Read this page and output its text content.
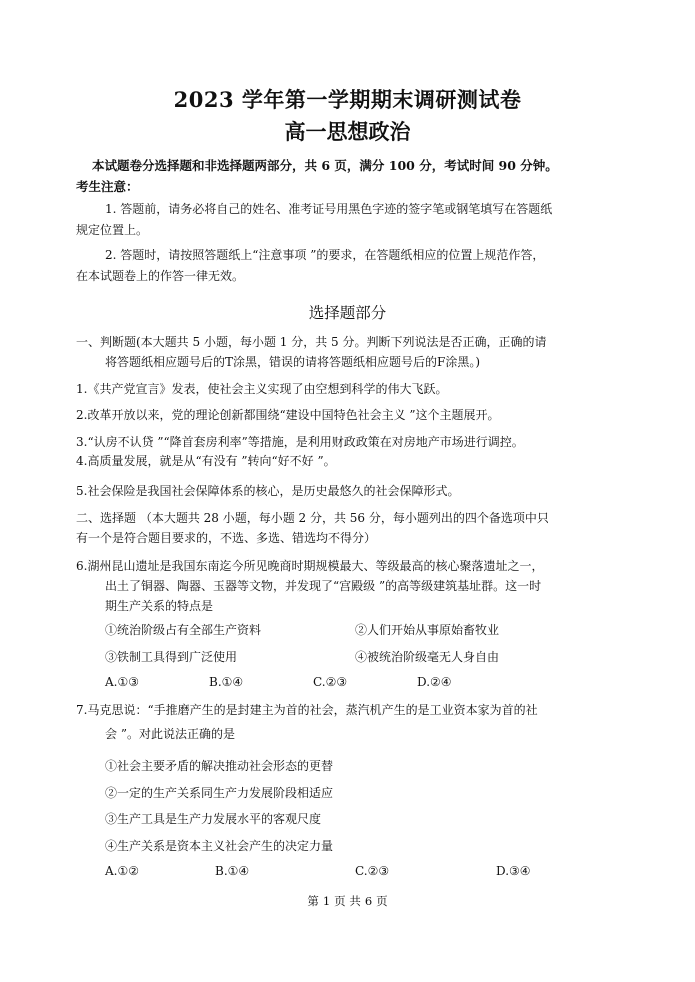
2023 学年第一学期期末调研测试卷
高一思想政治
本试题卷分选择题和非选择题两部分，共 6 页，满分 100 分，考试时间 90 分钟。
考生注意：
1. 答题前，请务必将自己的姓名、准考证号用黑色字迹的签字笔或钢笔填写在答题纸
规定位置上。
2. 答题时，请按照答题纸上“注意事项 ”的要求，在答题纸相应的位置上规范作答，
在本试题卷上的作答一律无效。
选择题部分
一、判断题(本大题共 5 小题，每小题 1 分，共 5 分。判断下列说法是否正确，正确的请
将答题纸相应题号后的T涂黑，错误的请将答题纸相应题号后的F涂黑。)
1.《共产党宣言》发表，使社会主义实现了由空想到科学的伟大飞跃。
2.改革开放以来，党的理论创新都围绕“建设中国特色社会主义 ”这个主题展开。
3.“认房不认贷 ”“降首套房利率”等措施，是利用财政政策在对房地产市场进行调控。
4.高质量发展，就是从“有没有 ”转向“好不好 ”。
5.社会保险是我国社会保障体系的核心，是历史最悠久的社会保障形式。
二、选择题 （本大题共 28 小题，每小题 2 分，共 56 分，每小题列出的四个备选项中只
有一个是符合题目要求的，不选、多选、错选均不得分）
6.湖州昆山遗址是我国东南迄今所见晚商时期规模最大、等级最高的核心聚落遗址之一，
出土了铜器、陶器、玉器等文物，并发现了“宫殿级 ”的高等级建筑基址群。这一时
期生产关系的特点是
①统治阶级占有全部生产资料	②人们开始从事原始畜牧业
③铁制工具得到广泛使用	④被统治阶级毫无人身自由
A.①③	B.①④	C.②③	D.②④
7.马克思说：“手推磨产生的是封建主为首的社会，蒸汽机产生的是工业资本家为首的社
会 ”。对此说法正确的是
①社会主要矛盾的解决推动社会形态的更替
②一定的生产关系同生产力发展阶段相适应
③生产工具是生产力发展水平的客观尺度
④生产关系是资本主义社会产生的决定力量
A.①②	B.①④	C.②③	D.③④
第 1 页 共 6 页
